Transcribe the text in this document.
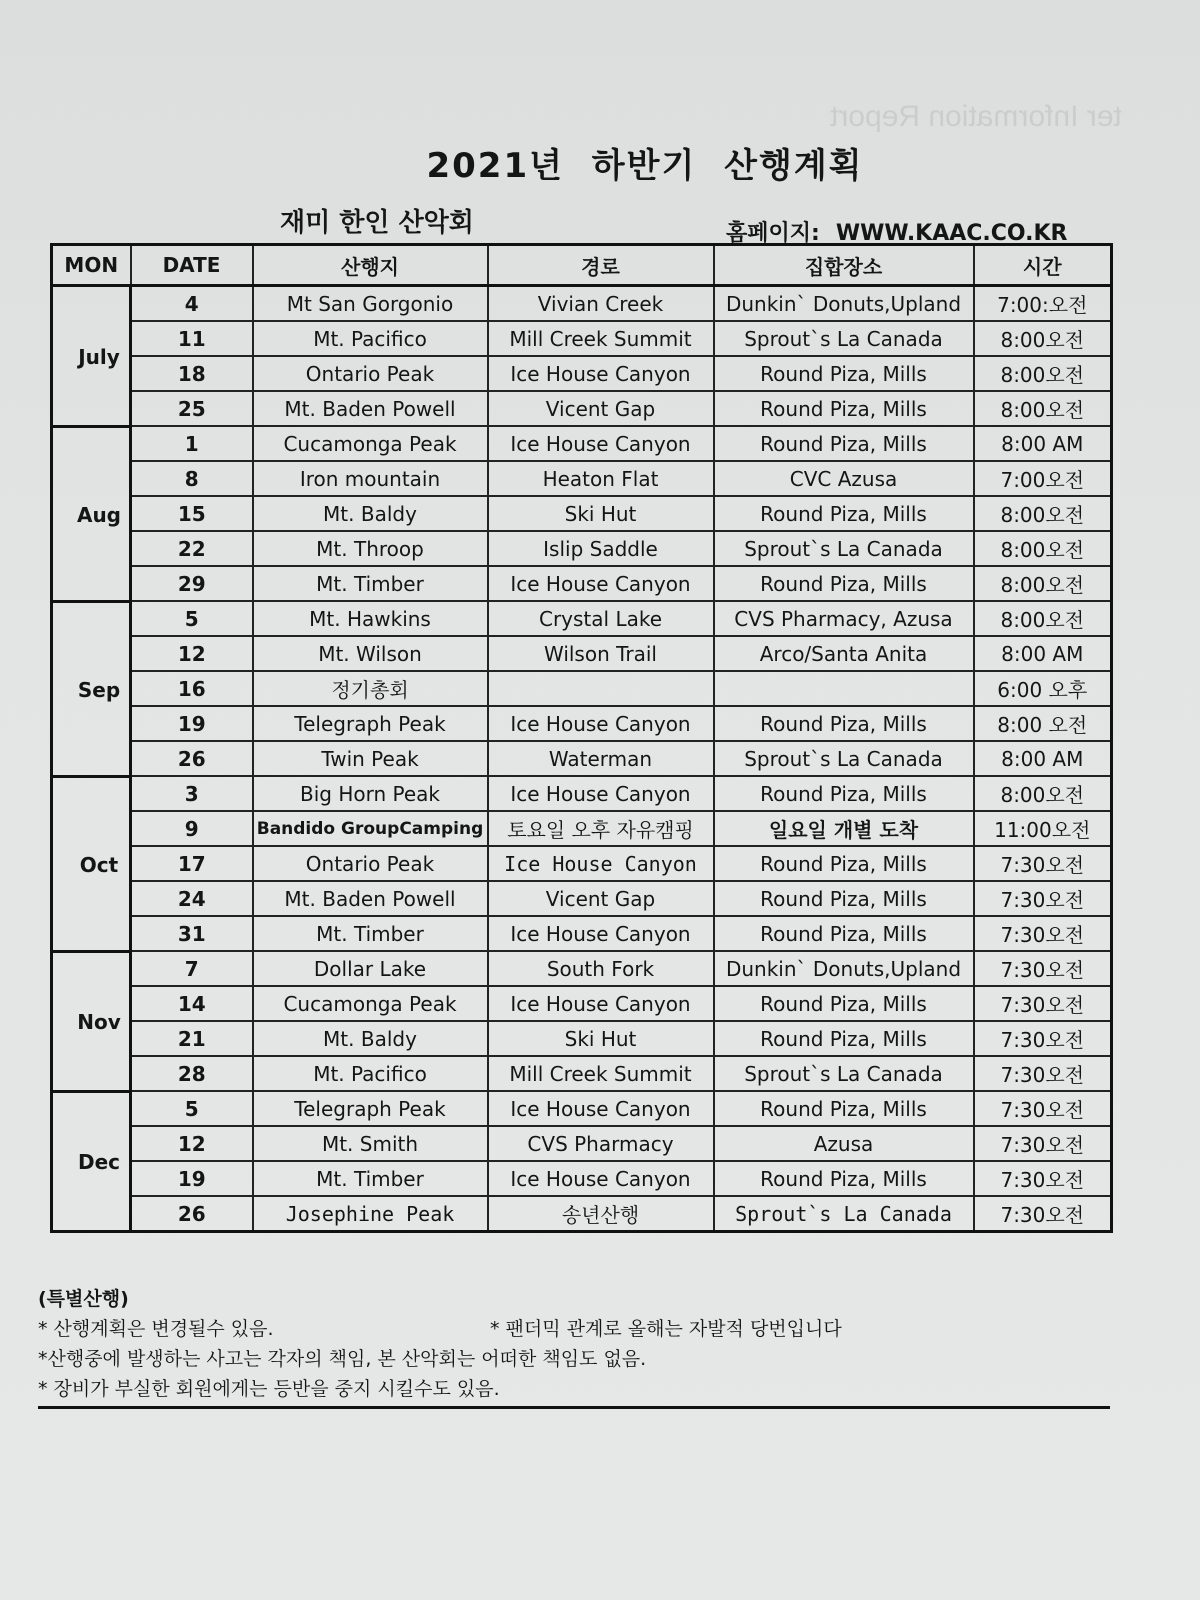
ter Information Report
2021년 하반기 산행계획
재미 한인 산악회	홈페이지: WWW.KAAC.CO.KR
MON	DATE	산행지	경로	집합장소	시간
July	4	Mt San Gorgonio	Vivian Creek	Dunkin` Donuts,Upland	7:00:오전
	11	Mt. Pacifico	Mill Creek Summit	Sprout`s La Canada	8:00오전
	18	Ontario Peak	Ice House Canyon	Round Piza, Mills	8:00오전
	25	Mt. Baden Powell	Vicent Gap	Round Piza, Mills	8:00오전
Aug	1	Cucamonga Peak	Ice House Canyon	Round Piza, Mills	8:00 AM
	8	Iron mountain	Heaton Flat	CVC Azusa	7:00오전
	15	Mt. Baldy	Ski Hut	Round Piza, Mills	8:00오전
	22	Mt. Throop	Islip Saddle	Sprout`s La Canada	8:00오전
	29	Mt. Timber	Ice House Canyon	Round Piza, Mills	8:00오전
Sep	5	Mt. Hawkins	Crystal Lake	CVS Pharmacy, Azusa	8:00오전
	12	Mt. Wilson	Wilson Trail	Arco/Santa Anita	8:00 AM
	16	정기총회			6:00 오후
	19	Telegraph Peak	Ice House Canyon	Round Piza, Mills	8:00 오전
	26	Twin Peak	Waterman	Sprout`s La Canada	8:00 AM
Oct	3	Big Horn Peak	Ice House Canyon	Round Piza, Mills	8:00오전
	9	Bandido GroupCamping	토요일 오후 자유캠핑	일요일 개별 도착	11:00오전
	17	Ontario Peak	Ice House Canyon	Round Piza, Mills	7:30오전
	24	Mt. Baden Powell	Vicent Gap	Round Piza, Mills	7:30오전
	31	Mt. Timber	Ice House Canyon	Round Piza, Mills	7:30오전
Nov	7	Dollar Lake	South Fork	Dunkin` Donuts,Upland	7:30오전
	14	Cucamonga Peak	Ice House Canyon	Round Piza, Mills	7:30오전
	21	Mt. Baldy	Ski Hut	Round Piza, Mills	7:30오전
	28	Mt. Pacifico	Mill Creek Summit	Sprout`s La Canada	7:30오전
Dec	5	Telegraph Peak	Ice House Canyon	Round Piza, Mills	7:30오전
	12	Mt. Smith	CVS Pharmacy	Azusa	7:30오전
	19	Mt. Timber	Ice House Canyon	Round Piza, Mills	7:30오전
	26	Josephine Peak	송년산행	Sprout`s La Canada	7:30오전
(특별산행)
* 산행계획은 변경될수 있음.	* 팬더믹 관계로 올해는 자발적 당번입니다
*산행중에 발생하는 사고는 각자의 책임, 본 산악회는 어떠한 책임도 없음.
* 장비가 부실한 회원에게는 등반을 중지 시킬수도 있음.
